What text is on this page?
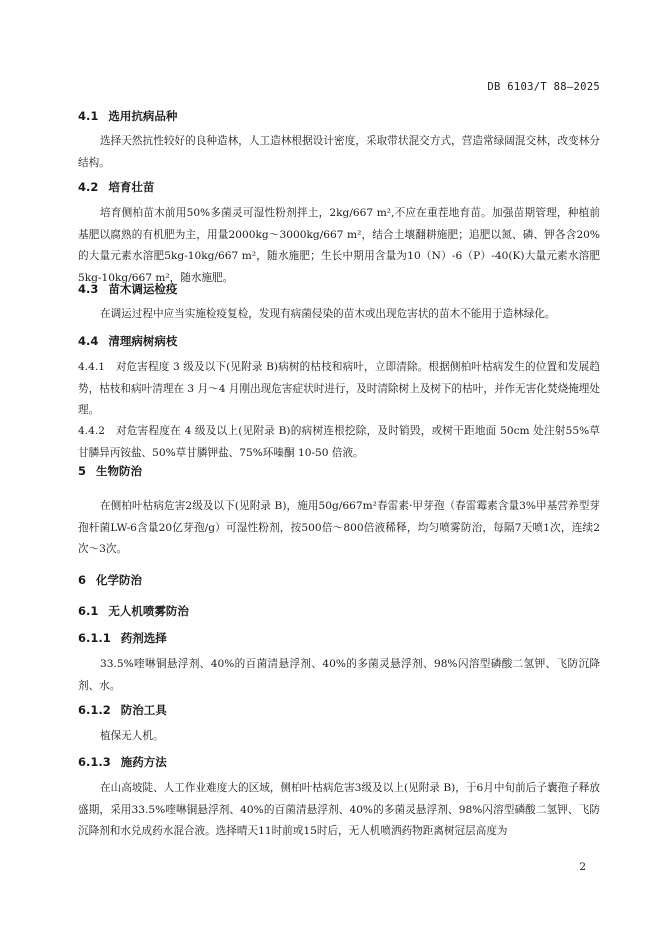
DB 6103/T 88—2025
4.1 选用抗病品种

选择天然抗性较好的良种造林，人工造林根据设计密度，采取带状混交方式，营造常绿阔混交林，改变林分结构。

4.2 培育壮苗

培育侧柏苗木前用50%多菌灵可湿性粉剂拌土，2kg/667 m²,不应在重茬地育苗。加强苗期管理，种植前基肥以腐熟的有机肥为主，用量2000kg～3000kg/667 m²，结合土壤翻耕施肥；追肥以氮、磷、钾各含20%的大量元素水溶肥5kg-10kg/667 m²，随水施肥；生长中期用含量为10（N）-6（P）-40(K)大量元素水溶肥5kg-10kg/667 m²，随水施肥。

4.3 苗木调运检疫

在调运过程中应当实施检疫复检，发现有病菌侵染的苗木或出现危害状的苗木不能用于造林绿化。

4.4 清理病树病枝

4.4.1　对危害程度 3 级及以下(见附录 B)病树的枯枝和病叶，立即清除。根据侧柏叶枯病发生的位置和发展趋势，枯枝和病叶清理在 3 月～4 月刚出现危害症状时进行，及时清除树上及树下的枯叶，并作无害化焚烧掩埋处理。

4.4.2　对危害程度在 4 级及以上(见附录 B)的病树连根挖除，及时销毁，或树干距地面 50cm 处注射55%草甘膦异丙铵盐、50%草甘膦钾盐、75%环嗪酮 10-50 倍液。

5 生物防治

在侧柏叶枯病危害2级及以下(见附录 B)，施用50g/667m²春雷素·甲芽孢（春雷霉素含量3%甲基营养型芽孢杆菌LW-6含量20亿芽孢/g）可湿性粉剂，按500倍～800倍液稀释，均匀喷雾防治，每隔7天喷1次，连续2次～3次。

6 化学防治
6.1 无人机喷雾防治
6.1.1 药剂选择

33.5%喹啉铜悬浮剂、40%的百菌清悬浮剂、40%的多菌灵悬浮剂、98%闪溶型磷酸二氢钾、飞防沉降剂、水。

6.1.2 防治工具

植保无人机。

6.1.3 施药方法

在山高坡陡、人工作业难度大的区域，侧柏叶枯病危害3级及以上(见附录 B)，于6月中旬前后子囊孢子释放盛期，采用33.5%喹啉铜悬浮剂、40%的百菌清悬浮剂、40%的多菌灵悬浮剂、98%闪溶型磷酸二氢钾、飞防沉降剂和水兑成药水混合液。选择晴天11时前或15时后，无人机喷洒药物距离树冠层高度为

2
